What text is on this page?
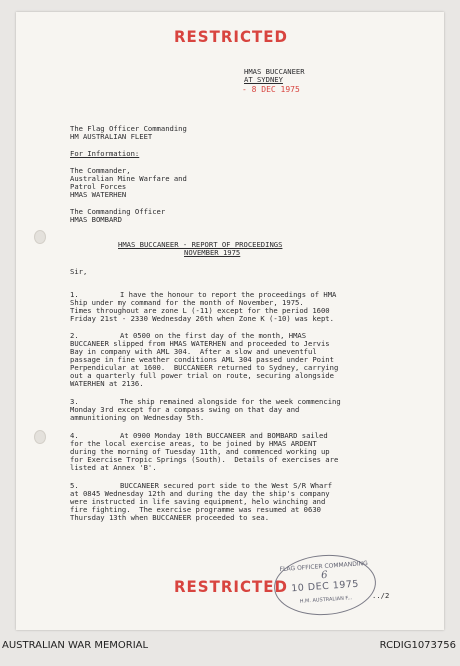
RESTRICTED
HMAS BUCCANEER
AT SYDNEY
- 8 DEC 1975
The Flag Officer Commanding
HM AUSTRALIAN FLEET
For Information:
The Commander,
Australian Mine Warfare and
Patrol Forces
HMAS WATERHEN
The Commanding Officer
HMAS BOMBARD
HMAS BUCCANEER - REPORT OF PROCEEDINGS
NOVEMBER 1975
Sir,
1.	I have the honour to report the proceedings of HMA
Ship under my command for the month of November, 1975.
Times throughout are zone L (-11) except for the period 1600
Friday 21st - 2330 Wednesday 26th when Zone K (-10) was kept.
2.	At 0500 on the first day of the month, HMAS
BUCCANEER slipped from HMAS WATERHEN and proceeded to Jervis
Bay in company with AML 304.  After a slow and uneventful
passage in fine weather conditions AML 304 passed under Point
Perpendicular at 1600.  BUCCANEER returned to Sydney, carrying
out a quarterly full power trial on route, securing alongside
WATERHEN at 2136.
3.	The ship remained alongside for the week commencing
Monday 3rd except for a compass swing on that day and
ammunitioning on Wednesday 5th.
4.	At 0900 Monday 10th BUCCANEER and BOMBARD sailed
for the local exercise areas, to be joined by HMAS ARDENT
during the morning of Tuesday 11th, and commenced working up
for Exercise Tropic Springs (South).  Details of exercises are
listed at Annex 'B'.
5.	BUCCANEER secured port side to the West S/R Wharf
at 0845 Wednesday 12th and during the day the ship's company
were instructed in life saving equipment, helo winching and
fire fighting.  The exercise programme was resumed at 0630
Thursday 13th when BUCCANEER proceeded to sea.
RESTRICTED
FLAG OFFICER COMMANDING
6
10 DEC 1975
H.M. AUSTRALIAN F...	../2
AUSTRALIAN WAR MEMORIAL	RCDIG1073756
